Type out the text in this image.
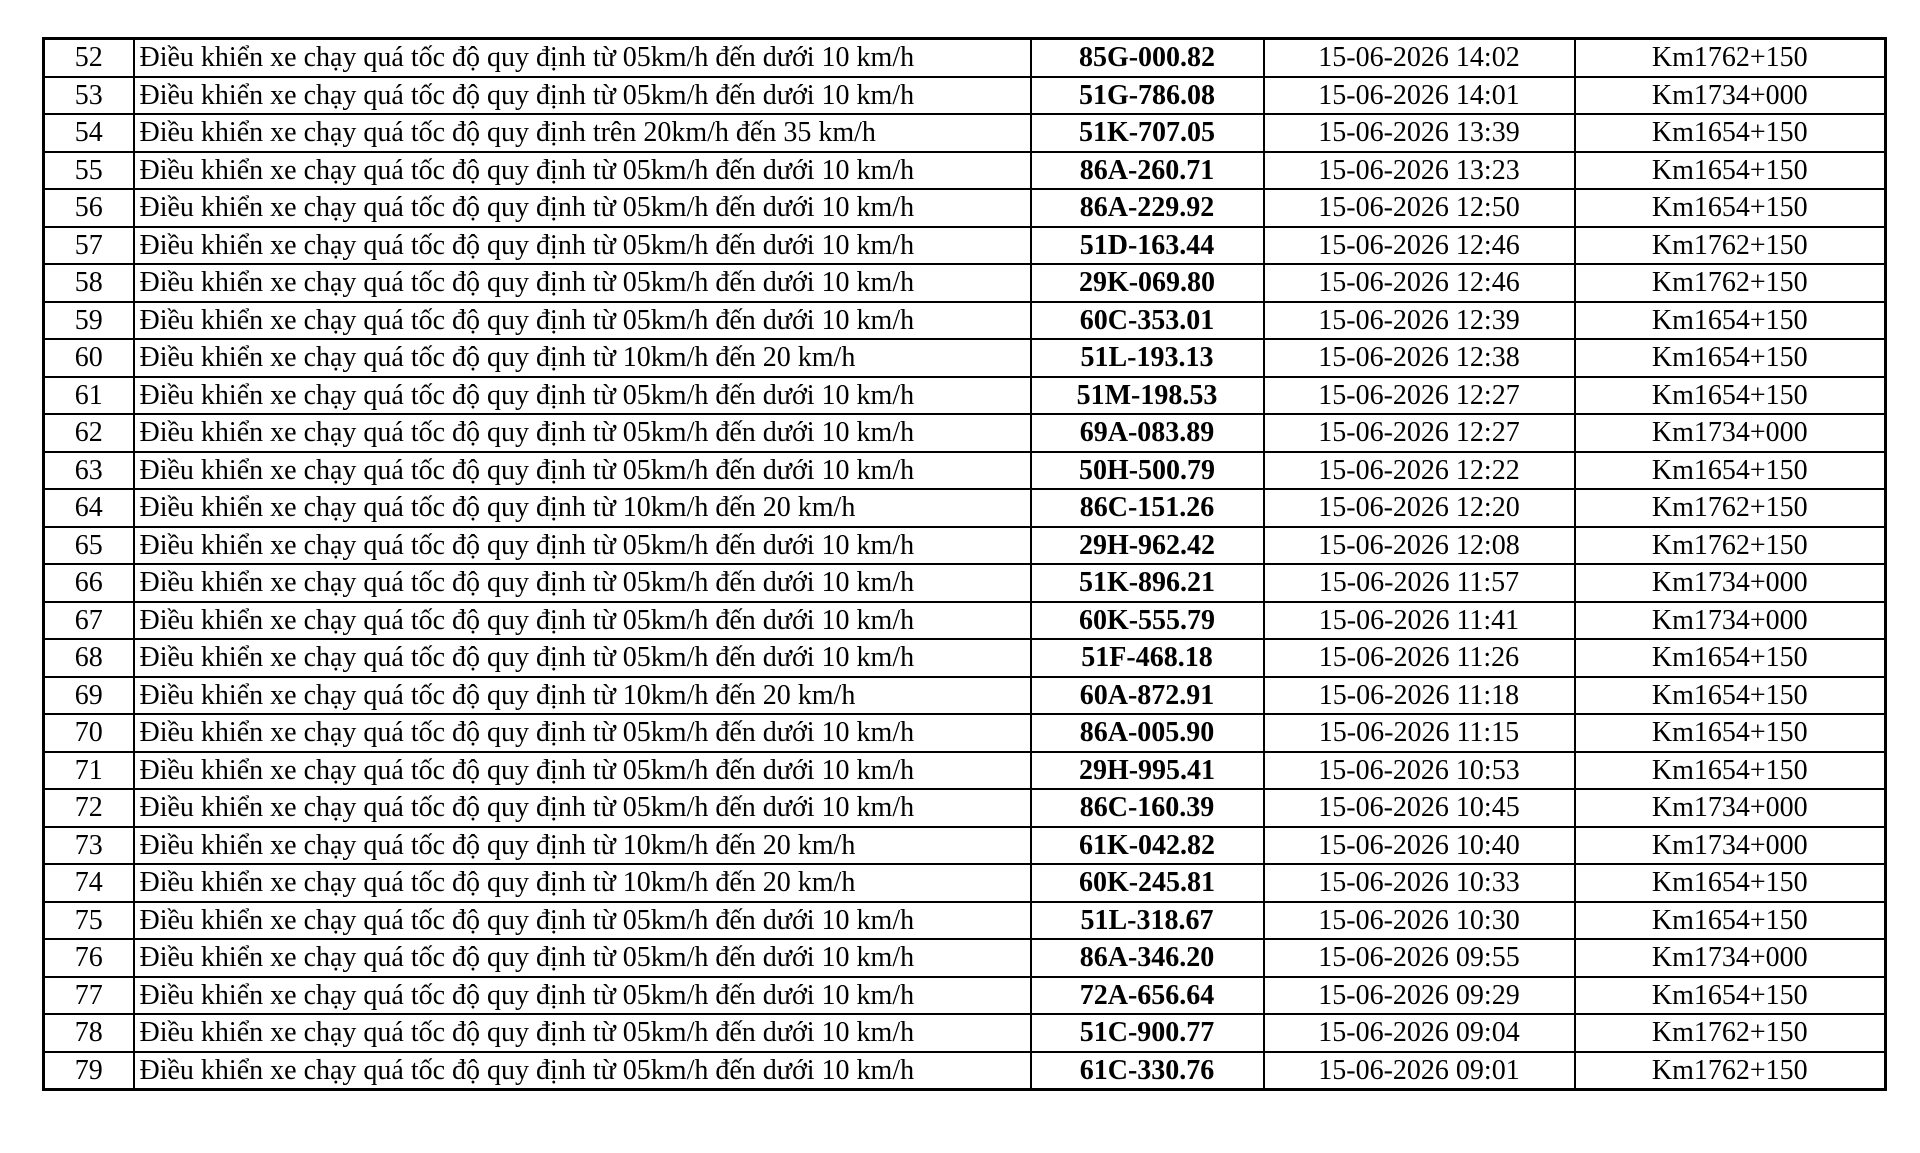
52	Điều khiển xe chạy quá tốc độ quy định từ 05km/h đến dưới 10 km/h	85G-000.82	15-06-2026 14:02	Km1762+150
53	Điều khiển xe chạy quá tốc độ quy định từ 05km/h đến dưới 10 km/h	51G-786.08	15-06-2026 14:01	Km1734+000
54	Điều khiển xe chạy quá tốc độ quy định trên 20km/h đến 35 km/h	51K-707.05	15-06-2026 13:39	Km1654+150
55	Điều khiển xe chạy quá tốc độ quy định từ 05km/h đến dưới 10 km/h	86A-260.71	15-06-2026 13:23	Km1654+150
56	Điều khiển xe chạy quá tốc độ quy định từ 05km/h đến dưới 10 km/h	86A-229.92	15-06-2026 12:50	Km1654+150
57	Điều khiển xe chạy quá tốc độ quy định từ 05km/h đến dưới 10 km/h	51D-163.44	15-06-2026 12:46	Km1762+150
58	Điều khiển xe chạy quá tốc độ quy định từ 05km/h đến dưới 10 km/h	29K-069.80	15-06-2026 12:46	Km1762+150
59	Điều khiển xe chạy quá tốc độ quy định từ 05km/h đến dưới 10 km/h	60C-353.01	15-06-2026 12:39	Km1654+150
60	Điều khiển xe chạy quá tốc độ quy định từ 10km/h đến 20 km/h	51L-193.13	15-06-2026 12:38	Km1654+150
61	Điều khiển xe chạy quá tốc độ quy định từ 05km/h đến dưới 10 km/h	51M-198.53	15-06-2026 12:27	Km1654+150
62	Điều khiển xe chạy quá tốc độ quy định từ 05km/h đến dưới 10 km/h	69A-083.89	15-06-2026 12:27	Km1734+000
63	Điều khiển xe chạy quá tốc độ quy định từ 05km/h đến dưới 10 km/h	50H-500.79	15-06-2026 12:22	Km1654+150
64	Điều khiển xe chạy quá tốc độ quy định từ 10km/h đến 20 km/h	86C-151.26	15-06-2026 12:20	Km1762+150
65	Điều khiển xe chạy quá tốc độ quy định từ 05km/h đến dưới 10 km/h	29H-962.42	15-06-2026 12:08	Km1762+150
66	Điều khiển xe chạy quá tốc độ quy định từ 05km/h đến dưới 10 km/h	51K-896.21	15-06-2026 11:57	Km1734+000
67	Điều khiển xe chạy quá tốc độ quy định từ 05km/h đến dưới 10 km/h	60K-555.79	15-06-2026 11:41	Km1734+000
68	Điều khiển xe chạy quá tốc độ quy định từ 05km/h đến dưới 10 km/h	51F-468.18	15-06-2026 11:26	Km1654+150
69	Điều khiển xe chạy quá tốc độ quy định từ 10km/h đến 20 km/h	60A-872.91	15-06-2026 11:18	Km1654+150
70	Điều khiển xe chạy quá tốc độ quy định từ 05km/h đến dưới 10 km/h	86A-005.90	15-06-2026 11:15	Km1654+150
71	Điều khiển xe chạy quá tốc độ quy định từ 05km/h đến dưới 10 km/h	29H-995.41	15-06-2026 10:53	Km1654+150
72	Điều khiển xe chạy quá tốc độ quy định từ 05km/h đến dưới 10 km/h	86C-160.39	15-06-2026 10:45	Km1734+000
73	Điều khiển xe chạy quá tốc độ quy định từ 10km/h đến 20 km/h	61K-042.82	15-06-2026 10:40	Km1734+000
74	Điều khiển xe chạy quá tốc độ quy định từ 10km/h đến 20 km/h	60K-245.81	15-06-2026 10:33	Km1654+150
75	Điều khiển xe chạy quá tốc độ quy định từ 05km/h đến dưới 10 km/h	51L-318.67	15-06-2026 10:30	Km1654+150
76	Điều khiển xe chạy quá tốc độ quy định từ 05km/h đến dưới 10 km/h	86A-346.20	15-06-2026 09:55	Km1734+000
77	Điều khiển xe chạy quá tốc độ quy định từ 05km/h đến dưới 10 km/h	72A-656.64	15-06-2026 09:29	Km1654+150
78	Điều khiển xe chạy quá tốc độ quy định từ 05km/h đến dưới 10 km/h	51C-900.77	15-06-2026 09:04	Km1762+150
79	Điều khiển xe chạy quá tốc độ quy định từ 05km/h đến dưới 10 km/h	61C-330.76	15-06-2026 09:01	Km1762+150
